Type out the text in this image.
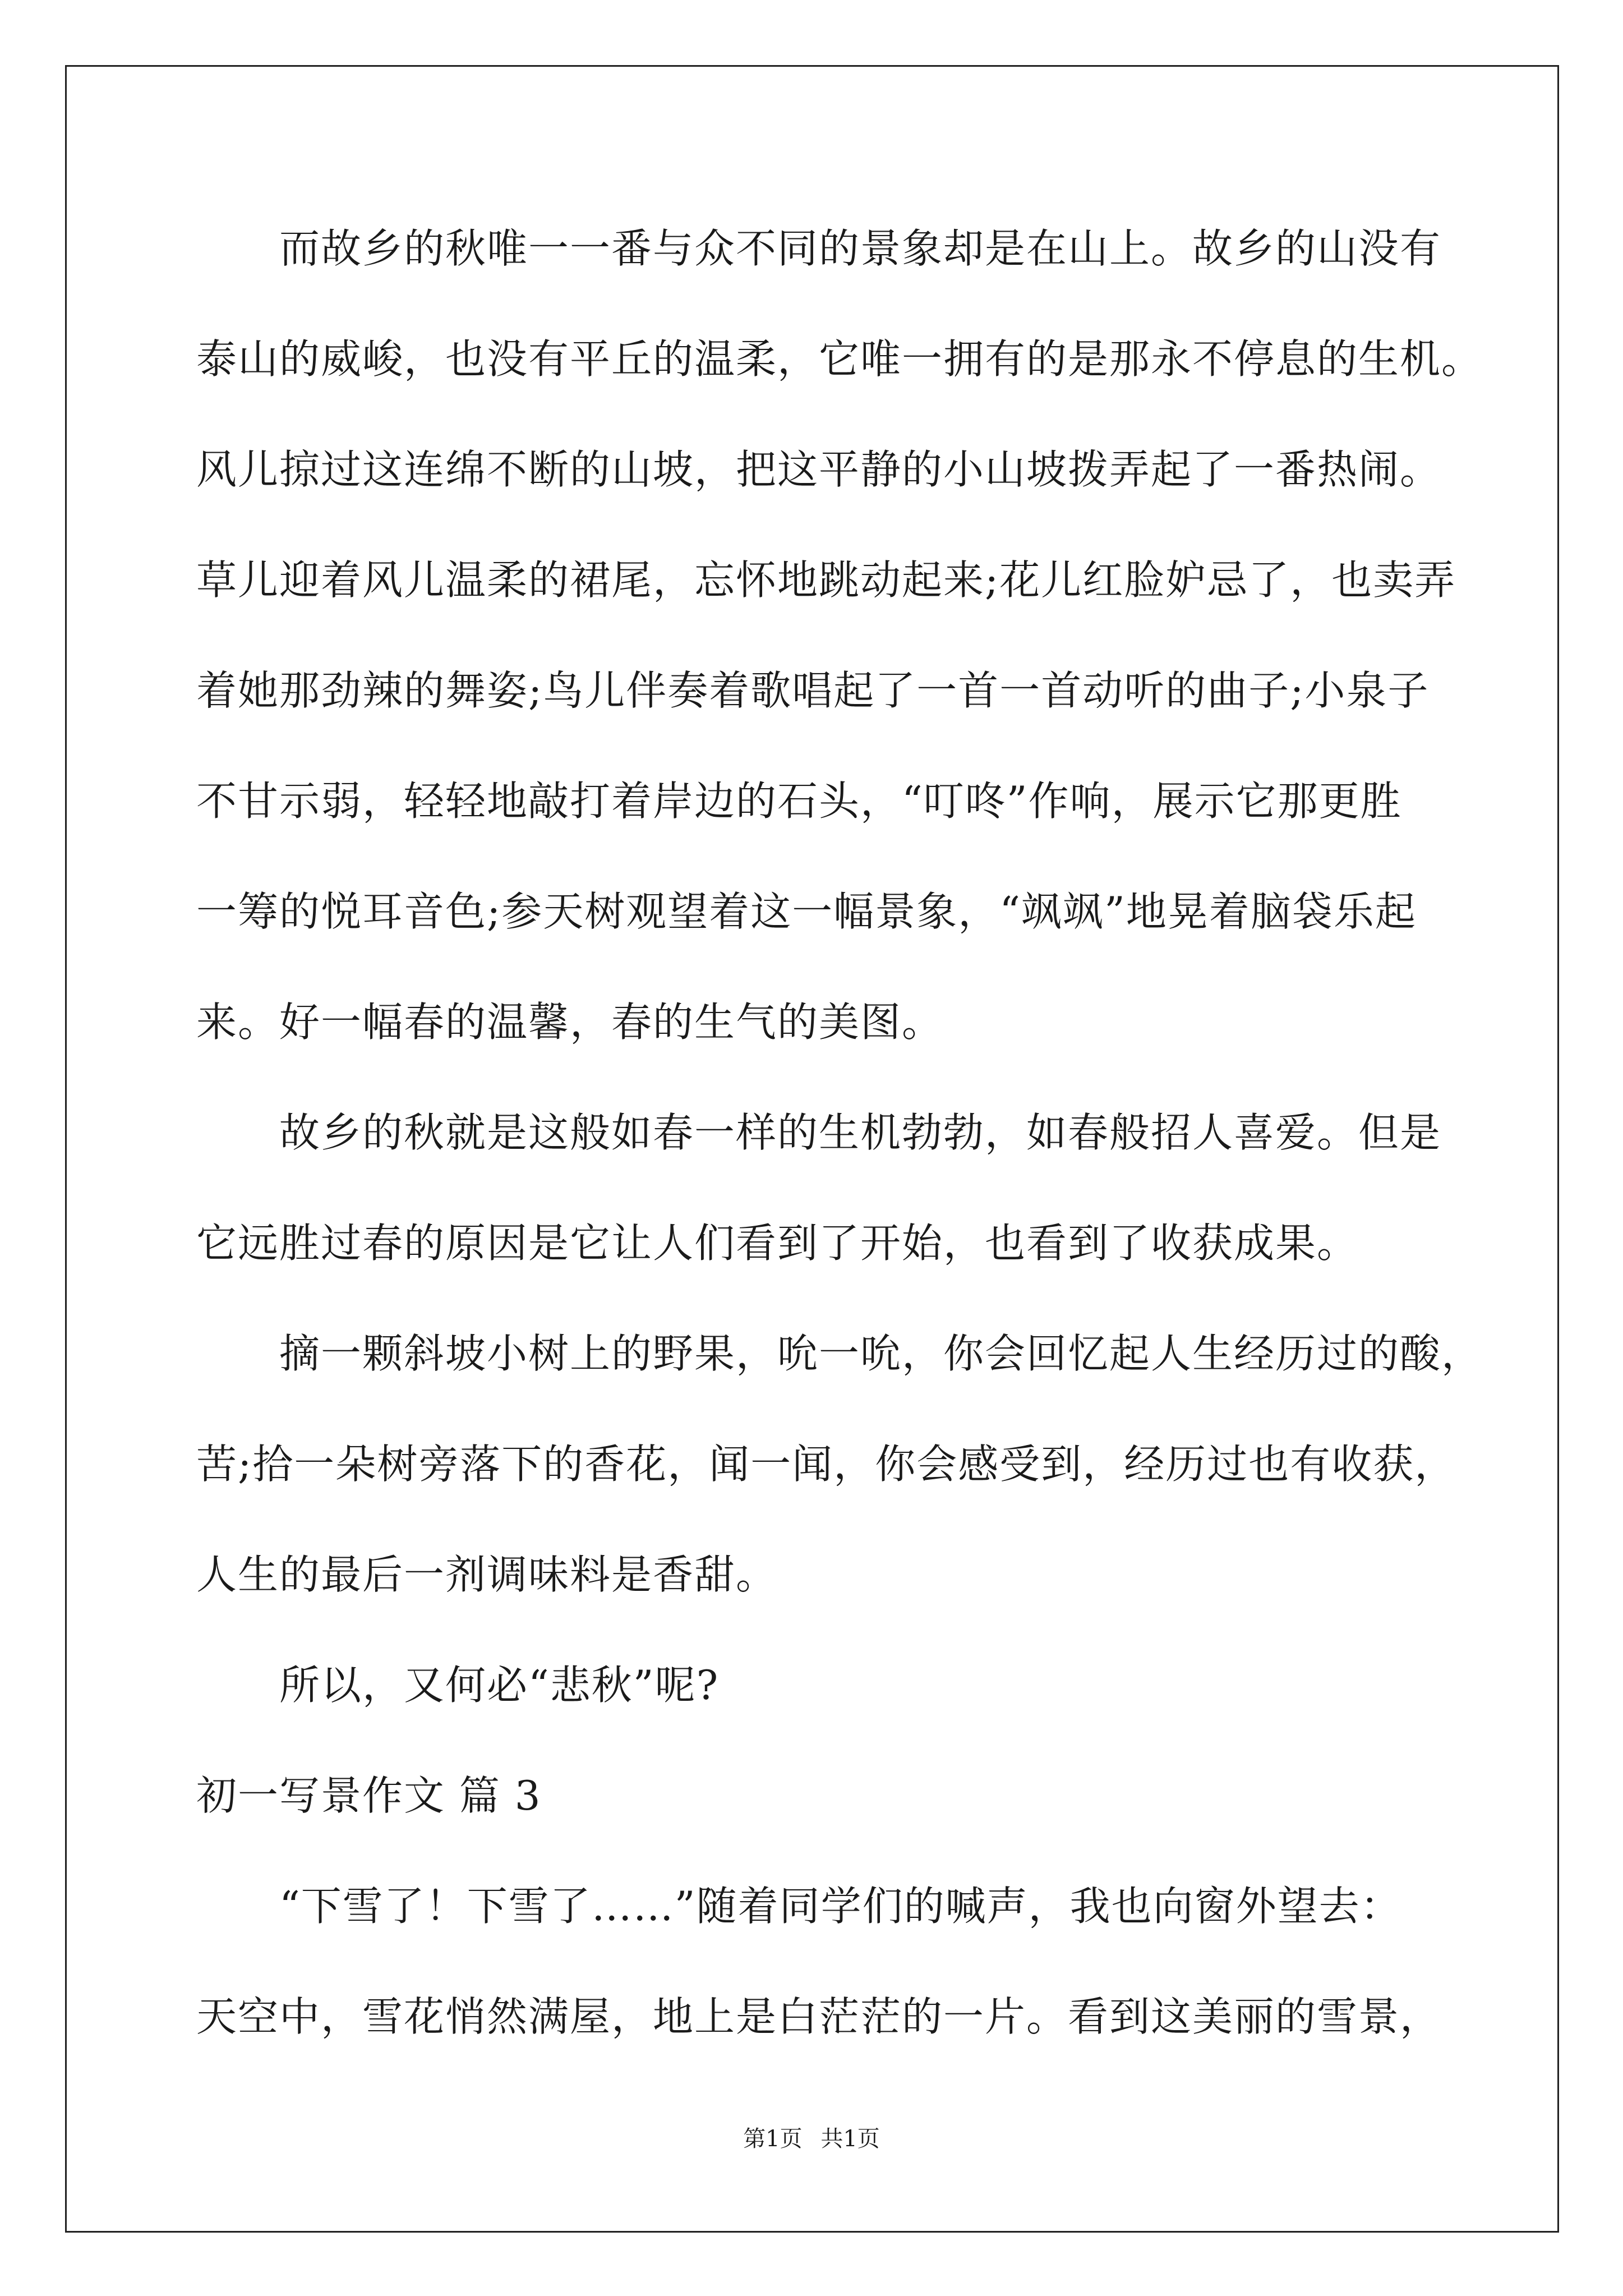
而故乡的秋唯一一番与众不同的景象却是在山上。故乡的山没有
泰山的威峻，也没有平丘的温柔，它唯一拥有的是那永不停息的生机。
风儿掠过这连绵不断的山坡，把这平静的小山坡拨弄起了一番热闹。
草儿迎着风儿温柔的裙尾，忘怀地跳动起来;花儿红脸妒忌了，也卖弄
着她那劲辣的舞姿;鸟儿伴奏着歌唱起了一首一首动听的曲子;小泉子
不甘示弱，轻轻地敲打着岸边的石头，“叮咚”作响，展示它那更胜
一筹的悦耳音色;参天树观望着这一幅景象，“飒飒”地晃着脑袋乐起
来。好一幅春的温馨，春的生气的美图。
故乡的秋就是这般如春一样的生机勃勃，如春般招人喜爱。但是
它远胜过春的原因是它让人们看到了开始，也看到了收获成果。
摘一颗斜坡小树上的野果，吮一吮，你会回忆起人生经历过的酸，
苦;拾一朵树旁落下的香花，闻一闻，你会感受到，经历过也有收获，
人生的最后一剂调味料是香甜。
所以，又何必“悲秋”呢?
初一写景作文 篇 3
“下雪了！下雪了……”随着同学们的喊声，我也向窗外望去：
天空中，雪花悄然满屋，地上是白茫茫的一片。看到这美丽的雪景，
第1页 共1页
